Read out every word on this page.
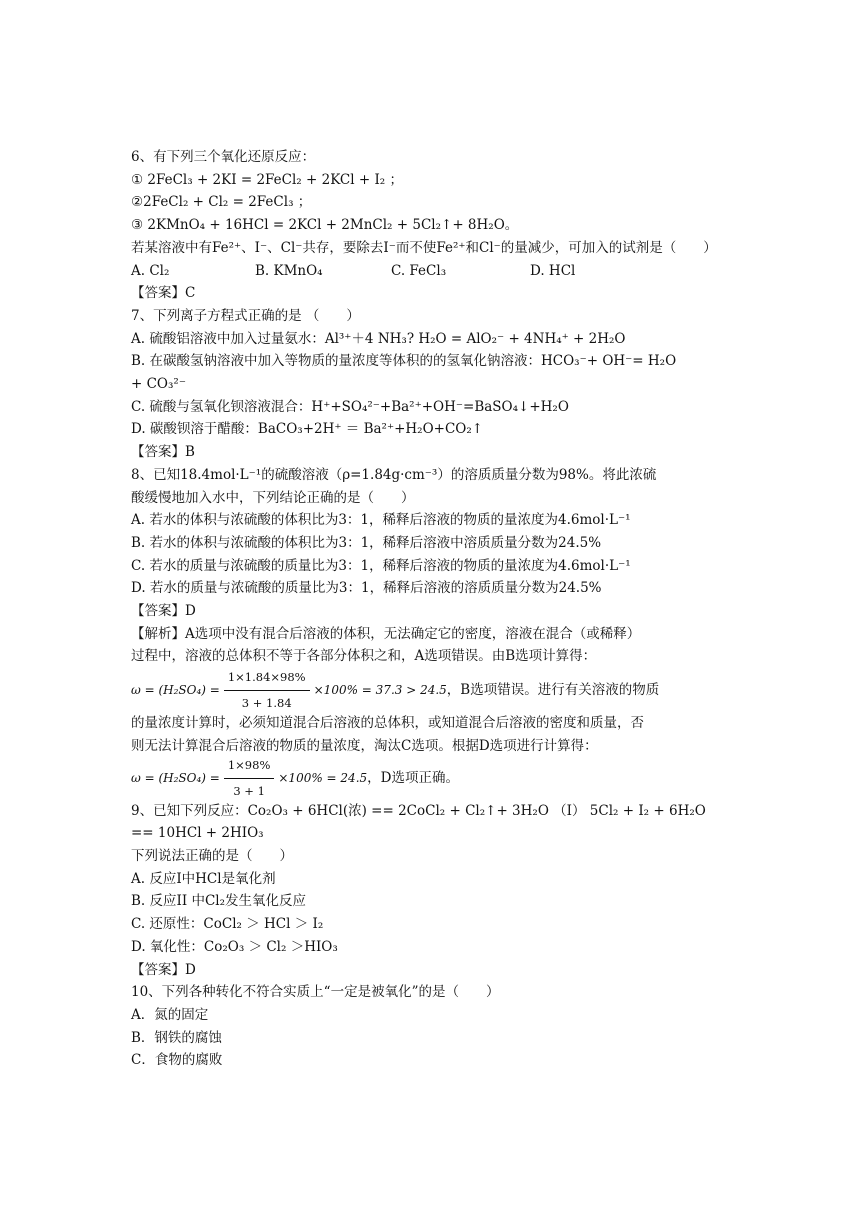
6、有下列三个氧化还原反应：
① 2FeCl₃ + 2KI = 2FeCl₂ + 2KCl + I₂ ；
②2FeCl₂ + Cl₂ = 2FeCl₃ ；
③ 2KMnO₄ + 16HCl = 2KCl + 2MnCl₂ + 5Cl₂↑+ 8H₂O。
若某溶液中有Fe²⁺、I⁻、Cl⁻共存，要除去I⁻而不使Fe²⁺和Cl⁻的量减少，可加入的试剂是（　　）
A. Cl₂	B. KMnO₄	C. FeCl₃	D. HCl
【答案】C
7、下列离子方程式正确的是 （　　）
A. 硫酸铝溶液中加入过量氨水：Al³⁺＋4 NH₃? H₂O = AlO₂⁻ + 4NH₄⁺ + 2H₂O
B. 在碳酸氢钠溶液中加入等物质的量浓度等体积的的氢氧化钠溶液：HCO₃⁻+ OH⁻= H₂O
+ CO₃²⁻
C. 硫酸与氢氧化钡溶液混合：H⁺+SO₄²⁻+Ba²⁺+OH⁻=BaSO₄↓+H₂O
D. 碳酸钡溶于醋酸：BaCO₃+2H⁺ ＝ Ba²⁺+H₂O+CO₂↑
【答案】B
8、已知18.4mol·L⁻¹的硫酸溶液（ρ=1.84g·cm⁻³）的溶质质量分数为98%。将此浓硫
酸缓慢地加入水中，下列结论正确的是（　　）
A. 若水的体积与浓硫酸的体积比为3：1，稀释后溶液的物质的量浓度为4.6mol·L⁻¹
B. 若水的体积与浓硫酸的体积比为3：1，稀释后溶液中溶质质量分数为24.5%
C. 若水的质量与浓硫酸的质量比为3：1，稀释后溶液的物质的量浓度为4.6mol·L⁻¹
D. 若水的质量与浓硫酸的质量比为3：1，稀释后溶液的溶质质量分数为24.5%
【答案】D
【解析】A选项中没有混合后溶液的体积，无法确定它的密度，溶液在混合（或稀释）
过程中，溶液的总体积不等于各部分体积之和，A选项错误。由B选项计算得：
$\omega = (H_2SO_4) = \frac{1\times 1.84\times 98\%}{3 + 1.84} \times 100\% = 37.3 > 24.5$ ，B选项错误。进行有关溶液的物质
的量浓度计算时，必须知道混合后溶液的总体积，或知道混合后溶液的密度和质量，否
则无法计算混合后溶液的物质的量浓度，淘汰C选项。根据D选项进行计算得：
$\omega = (H_2SO_4) = \frac{1\times 98\%}{3 + 1} \times 100\% = 24.5$ ，D选项正确。
9、已知下列反应：Co₂O₃ + 6HCl(浓) == 2CoCl₂ + Cl₂↑+ 3H₂O （I） 5Cl₂ + I₂ + 6H₂O
== 10HCl + 2HIO₃
下列说法正确的是（　　）
A. 反应I中HCl是氧化剂
B. 反应II 中Cl₂发生氧化反应
C. 还原性：CoCl₂ ＞ HCl ＞ I₂
D. 氧化性：Co₂O₃ ＞ Cl₂ ＞HIO₃
【答案】D
10、下列各种转化不符合实质上“一定是被氧化”的是（　　）
A．氮的固定
B．钢铁的腐蚀
C．食物的腐败
